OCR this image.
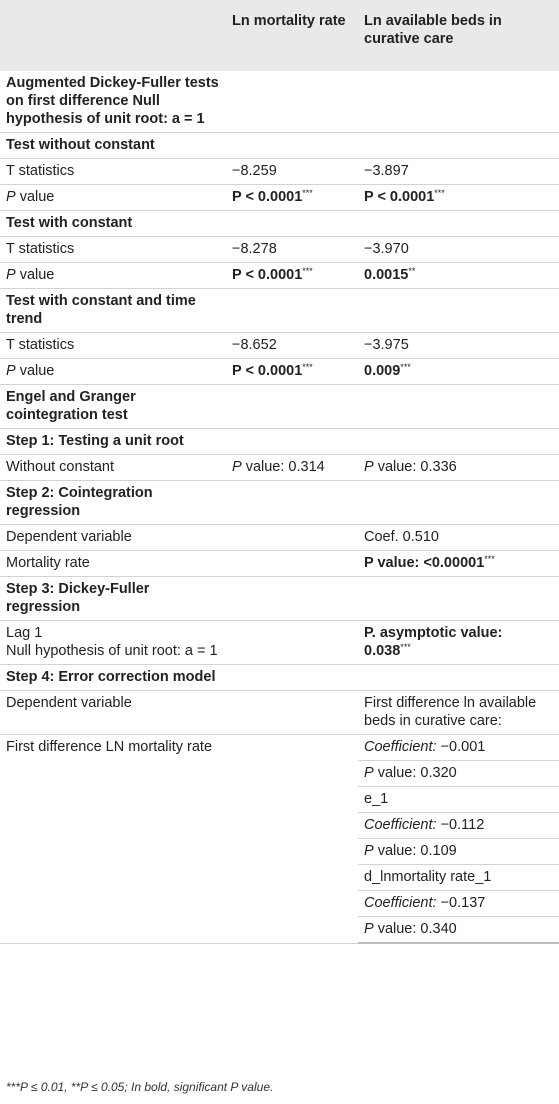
	Ln mortality rate	Ln available beds in curative care
Augmented Dickey-Fuller tests on first difference Null hypothesis of unit root: a = 1		
Test without constant		
T statistics	−8.259	−3.897
P value	P < 0.0001***	P < 0.0001***
Test with constant		
T statistics	−8.278	−3.970
P value	P < 0.0001***	0.0015**
Test with constant and time trend		
T statistics	−8.652	−3.975
P value	P < 0.0001***	0.009***
Engel and Granger cointegration test		
Step 1: Testing a unit root		
Without constant	P value: 0.314	P value: 0.336
Step 2: Cointegration regression		
Dependent variable		Coef. 0.510
Mortality rate		P value: <0.00001***
Step 3: Dickey-Fuller regression		

Lag 1
Null hypothesis of unit root: a = 1		P. asymptotic value: 0.038***
Step 4: Error correction model		
Dependent variable		First difference ln available beds in curative care:
First difference LN mortality rate		Coefficient: −0.001
		P value: 0.320
		e_1
		Coefficient: −0.112
		P value: 0.109
		d_lnmortality rate_1
		Coefficient: −0.137
		P value: 0.340
***P ≤ 0.01, **P ≤ 0.05; In bold, significant P value.
